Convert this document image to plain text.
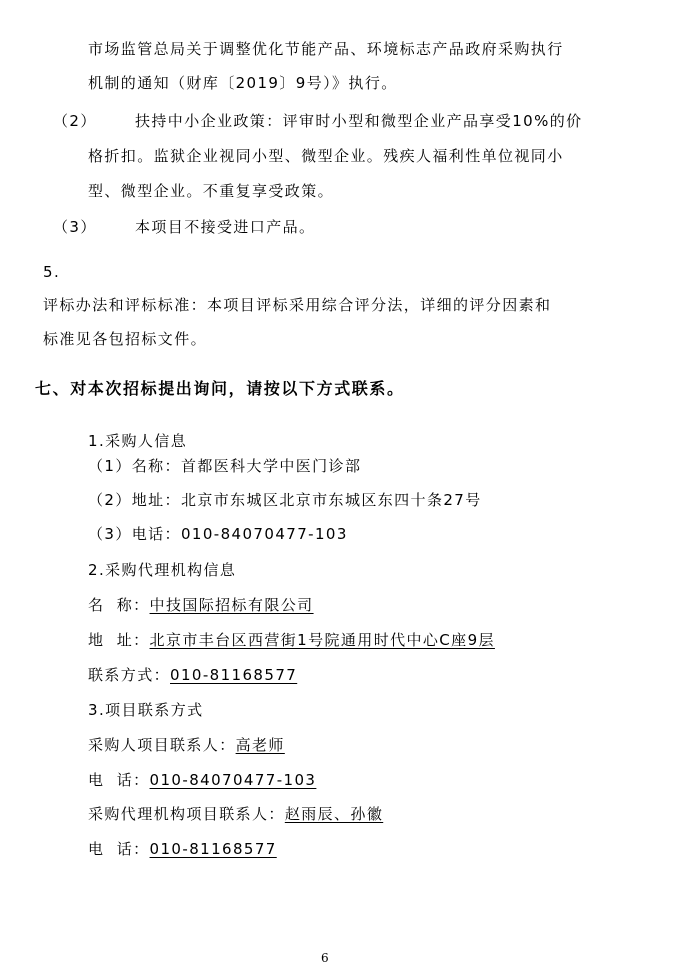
市场监管总局关于调整优化节能产品、环境标志产品政府采购执行
机制的通知（财库〔2019〕9号）》执行。
（2）	扶持中小企业政策：评审时小型和微型企业产品享受10%的价
格折扣。监狱企业视同小型、微型企业。残疾人福利性单位视同小
型、微型企业。不重复享受政策。
（3）	本项目不接受进口产品。
5.
评标办法和评标标准：本项目评标采用综合评分法，详细的评分因素和
标准见各包招标文件。
七、对本次招标提出询问，请按以下方式联系。
1.采购人信息
（1）名称：首都医科大学中医门诊部
（2）地址：北京市东城区北京市东城区东四十条27号
（3）电话：010-84070477-103
2.采购代理机构信息
名  称：中技国际招标有限公司
地  址：北京市丰台区西营街1号院通用时代中心C座9层
联系方式：010-81168577
3.项目联系方式
采购人项目联系人：高老师
电  话：010-84070477-103
采购代理机构项目联系人：赵雨辰、孙徽
电  话：010-81168577
6
